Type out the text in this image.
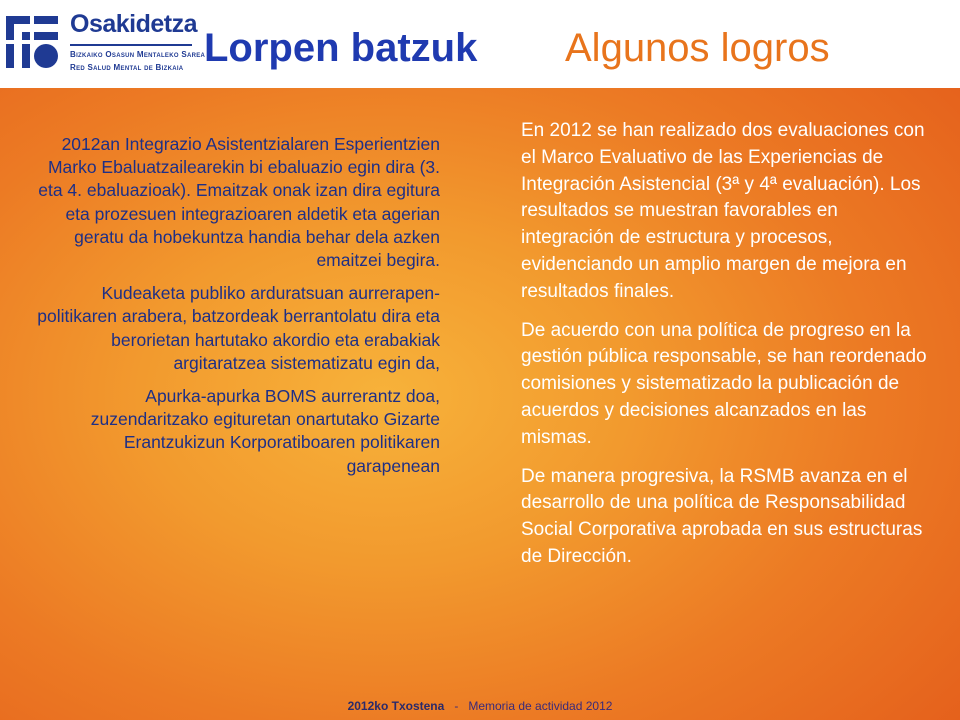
Osakidetza
Bizkaiko Osasun Mentaleko Sarea
Red Salud Mental de Bizkaia Lorpen batzuk Algunos logros

2012an Integrazio Asistentzialaren Esperientzien Marko Ebaluatzailearekin bi ebaluazio egin dira (3. eta 4. ebaluazioak). Emaitzak onak izan dira egitura eta prozesuen integrazioaren aldetik eta agerian geratu da hobekuntza handia behar dela azken emaitzei begira.

Kudeaketa publiko arduratsuan aurrerapen-politikaren arabera, batzordeak berrantolatu dira eta berorietan hartutako akordio eta erabakiak argitaratzea sistematizatu egin da,

Apurka-apurka BOMS aurrerantz doa, zuzendaritzako egituretan onartutako Gizarte Erantzukizun Korporatiboaren politikaren garapenean

En 2012 se han realizado dos evaluaciones con el Marco Evaluativo de las Experiencias de Integración Asistencial (3ª y 4ª evaluación). Los resultados se muestran favorables en integración de estructura y procesos, evidenciando un amplio margen de mejora en resultados finales.

De acuerdo con una política de progreso en la gestión pública responsable, se han reordenado comisiones y sistematizado la publicación de acuerdos y decisiones alcanzados en las mismas.

De manera progresiva, la RSMB avanza en el desarrollo de una política de Responsabilidad Social Corporativa aprobada en sus estructuras de Dirección.

2012ko Txostena - Memoria de actividad 2012
